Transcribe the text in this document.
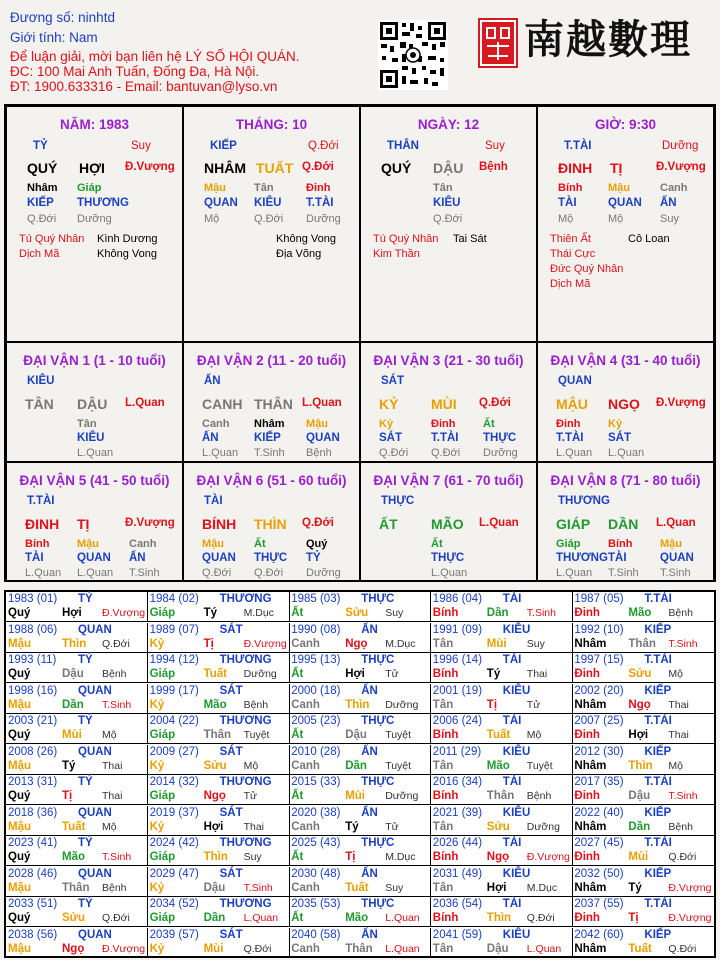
Đương số: ninhtd
Giới tính: Nam
Để luận giải, mời bạn liên hệ LÝ SỐ HỘI QUÁN.
ĐC: 100 Mai Anh Tuấn, Đống Đa, Hà Nội.
ĐT: 1900.633316 - Email: bantuvan@lyso.vn
南越數理
NĂM: 1983
TỶ	Suy
QUÝ HỢI Đ.Vượng
Nhâm
KIẾP
Q.Đới
Giáp
THƯƠNG
Dưỡng
Tú Quý Nhân Kình Dương
Dịch Mã	Không Vong
THÁNG: 10
KIẾP	Q.Đới
NHÂM TUẤT Q.Đới
Mậu
QUAN
Mộ
Tân
KIÊU
Q.Đới
Đinh
T.TÀI
Dưỡng
Không Vong
Địa Võng
NGÀY: 12
THÂN	Suy
QUÝ DẬU Bệnh
Tân
KIÊU
Q.Đới
Tú Quý Nhân Tai Sát
Kim Thần
GIỜ: 9:30
T.TÀI	Dưỡng
ĐINH TỊ	Đ.Vượng
Bính
TÀI
Mộ
Mậu
QUAN
Mộ
Canh
ẤN
Suy
Thiên Ất	Cô Loan
Thái Cực
Đức Quý Nhân
Dịch Mã
ĐẠI VẬN 1 (1 - 10 tuổi)
KIÊU
TÂN DẬU L.Quan
Tân
KIÊU
L.Quan
ĐẠI VẬN 2 (11 - 20 tuổi)
ẤN
CANH THÂN L.Quan
Canh
ẤN
L.Quan
Nhâm
KIẾP
T.Sinh
Mậu
QUAN
Bệnh
ĐẠI VẬN 3 (21 - 30 tuổi)
SÁT
KỶ MÙI Q.Đới
Kỷ
SÁT
Q.Đới
Đinh
T.TÀI
Q.Đới
Ất
THỰC
Dưỡng
ĐẠI VẬN 4 (31 - 40 tuổi)
QUAN
MẬU NGỌ Đ.Vượng
Đinh
T.TÀI
L.Quan
Kỷ
SÁT
L.Quan
ĐẠI VẬN 5 (41 - 50 tuổi)
T.TÀI
ĐINH TỊ	Đ.Vượng
Bính
TÀI
L.Quan
Mậu
QUAN
L.Quan
Canh
ẤN
T.Sinh
ĐẠI VẬN 6 (51 - 60 tuổi)
TÀI
BÍNH THÌN Q.Đới
Mậu
QUAN
Q.Đới
Ất
THỰC
Q.Đới
Quý
TỶ
Dưỡng
ĐẠI VẬN 7 (61 - 70 tuổi)
THỰC
ẤT MÃO L.Quan
Ất
THỰC
L.Quan
ĐẠI VẬN 8 (71 - 80 tuổi)
THƯƠNG
GIÁP DẦN L.Quan
Giáp
THƯƠNG
L.Quan
Bính
TÀI
T.Sinh
Mậu
QUAN
T.Sinh
1983 (01) TỶ
Quý	Hợi Đ.Vượng
1984 (02) THƯƠNG
Giáp Tý	M.Dục
1985 (03) THỰC
Ất	Sửu Suy
1986 (04) TÀI
Bính Dần T.Sinh
1987 (05) T.TÀI
Đinh Mão Bệnh
1988 (06) QUAN
Mậu	Thìn Q.Đới
1989 (07) SÁT
Kỷ	Tị	Đ.Vượng
1990 (08) ẤN
Canh Ngọ M.Dục
1991 (09) KIÊU
Tân	Mùi Suy
1992 (10) KIẾP
Nhâm Thân T.Sinh
1993 (11) TỶ
Quý	Dậu Bệnh
1994 (12) THƯƠNG
Giáp Tuất Dưỡng
1995 (13) THỰC
Ất	Hợi Tử
1996 (14) TÀI
Bính Tý	Thai
1997 (15) T.TÀI
Đinh Sửu Mộ
1998 (16) QUAN
Mậu	Dần T.Sinh
1999 (17) SÁT
Kỷ	Mão Bệnh
2000 (18) ẤN
Canh Thìn Dưỡng
2001 (19) KIÊU
Tân	Tị	Tử
2002 (20) KIẾP
Nhâm Ngọ Thai
2003 (21) TỶ
Quý	Mùi Mộ
2004 (22) THƯƠNG
Giáp Thân Tuyệt
2005 (23) THỰC
Ất	Dậu Tuyệt
2006 (24) TÀI
Bính Tuất Mộ
2007 (25) T.TÀI
Đinh Hợi Thai
2008 (26) QUAN
Mậu	Tý	Thai
2009 (27) SÁT
Kỷ	Sửu Mộ
2010 (28) ẤN
Canh Dần Tuyệt
2011 (29) KIÊU
Tân	Mão Tuyệt
2012 (30) KIẾP
Nhâm Thìn Mộ
2013 (31) TỶ
Quý	Tị	Thai
2014 (32) THƯƠNG
Giáp Ngọ Tử
2015 (33) THỰC
Ất	Mùi Dưỡng
2016 (34) TÀI
Bính Thân Bệnh
2017 (35) T.TÀI
Đinh Dậu T.Sinh
2018 (36) QUAN
Mậu	Tuất Mộ
2019 (37) SÁT
Kỷ	Hợi Thai
2020 (38) ẤN
Canh Tý	Tử
2021 (39) KIÊU
Tân	Sửu Dưỡng
2022 (40) KIẾP
Nhâm Dần Bệnh
2023 (41) TỶ
Quý	Mão T.Sinh
2024 (42) THƯƠNG
Giáp Thìn Suy
2025 (43) THỰC
Ất	Tị	M.Dục
2026 (44) TÀI
Bính Ngọ Đ.Vượng
2027 (45) T.TÀI
Đinh Mùi Q.Đới
2028 (46) QUAN
Mậu	Thân Bệnh
2029 (47) SÁT
Kỷ	Dậu T.Sinh
2030 (48) ẤN
Canh Tuất Suy
2031 (49) KIÊU
Tân	Hợi M.Dục
2032 (50) KIẾP
Nhâm Tý	Đ.Vượng
2033 (51) TỶ
Quý	Sửu Q.Đới
2034 (52) THƯƠNG
Giáp Dần L.Quan
2035 (53) THỰC
Ất	Mão L.Quan
2036 (54) TÀI
Bính Thìn Q.Đới
2037 (55) T.TÀI
Đinh Tị	Đ.Vượng
2038 (56) QUAN
Mậu	Ngọ Đ.Vượng
2039 (57) SÁT
Kỷ	Mùi Q.Đới
2040 (58) ẤN
Canh Thân L.Quan
2041 (59) KIÊU
Tân	Dậu L.Quan
2042 (60) KIẾP
Nhâm Tuất Q.Đới
